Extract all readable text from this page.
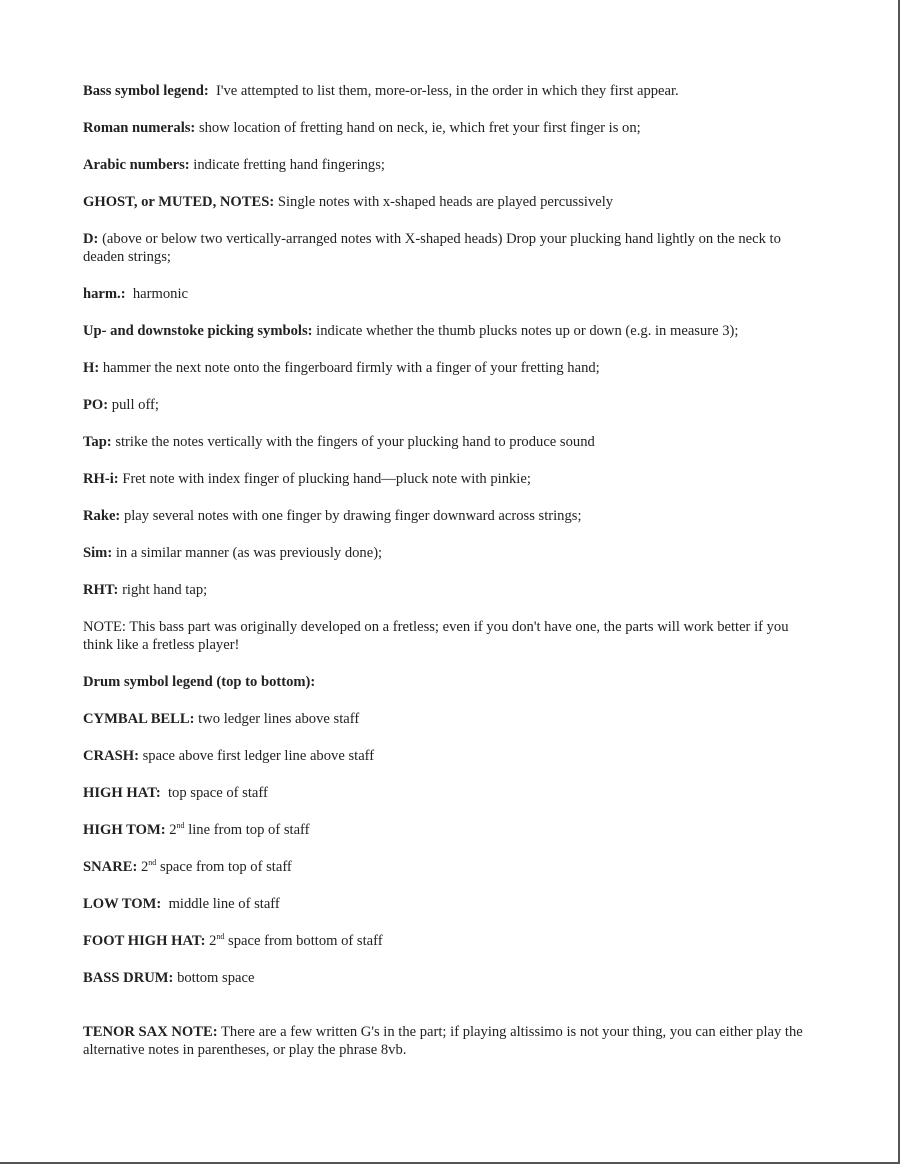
Bass symbol legend: I've attempted to list them, more-or-less, in the order in which they first appear.

Roman numerals: show location of fretting hand on neck, ie, which fret your first finger is on;

Arabic numbers: indicate fretting hand fingerings;

GHOST, or MUTED, NOTES: Single notes with x-shaped heads are played percussively

D: (above or below two vertically-arranged notes with X-shaped heads) Drop your plucking hand lightly on the neck to deaden strings;

harm.: harmonic

Up- and downstoke picking symbols: indicate whether the thumb plucks notes up or down (e.g. in measure 3);

H: hammer the next note onto the fingerboard firmly with a finger of your fretting hand;

PO: pull off;

Tap: strike the notes vertically with the fingers of your plucking hand to produce sound

RH-i: Fret note with index finger of plucking hand—pluck note with pinkie;

Rake: play several notes with one finger by drawing finger downward across strings;

Sim: in a similar manner (as was previously done);

RHT: right hand tap;

NOTE: This bass part was originally developed on a fretless; even if you don't have one, the parts will work better if you think like a fretless player!

Drum symbol legend (top to bottom):

CYMBAL BELL: two ledger lines above staff

CRASH: space above first ledger line above staff

HIGH HAT: top space of staff

HIGH TOM: 2nd line from top of staff

SNARE: 2nd space from top of staff

LOW TOM: middle line of staff

FOOT HIGH HAT: 2nd space from bottom of staff

BASS DRUM: bottom space

TENOR SAX NOTE: There are a few written G's in the part; if playing altissimo is not your thing, you can either play the alternative notes in parentheses, or play the phrase 8vb.
